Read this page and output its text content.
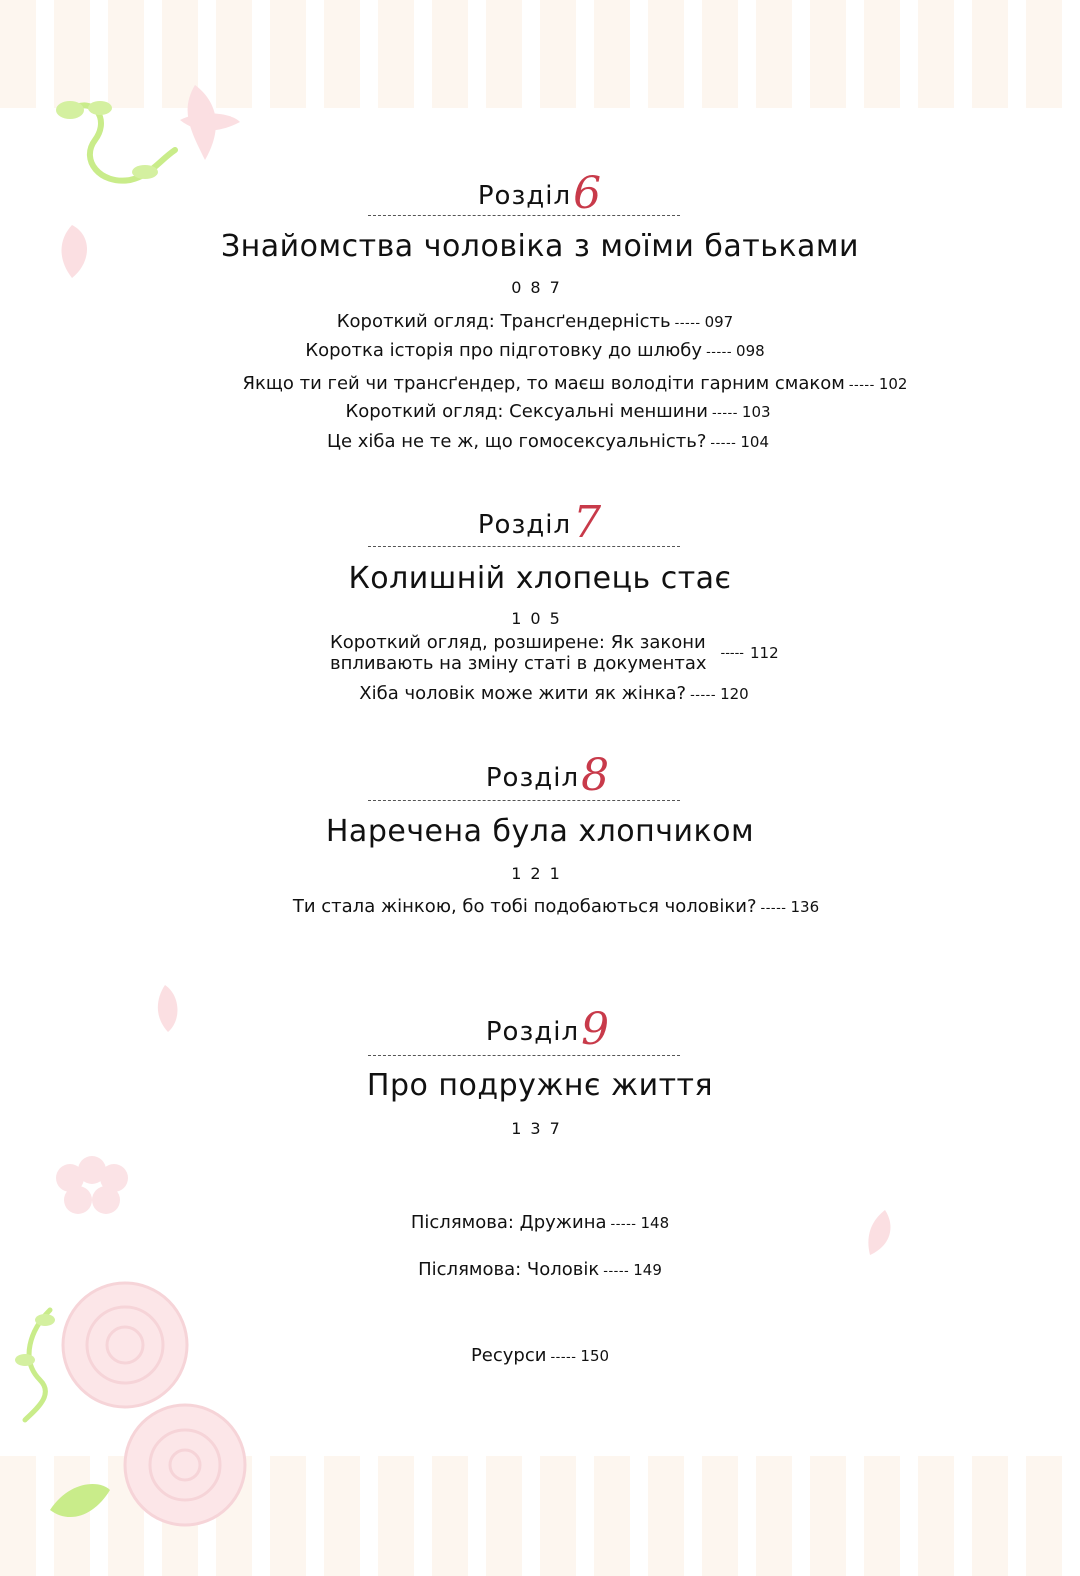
Розділ6
Знайомства чоловіка з моїми батьками
087
Короткий огляд: Трансґендерність ----- 097
Коротка історія про підготовку до шлюбу ----- 098
Якщо ти гей чи трансґендер, то маєш володіти гарним смаком ----- 102
Короткий огляд: Сексуальні меншини ----- 103
Це хіба не те ж, що гомосексуальність? ----- 104
Розділ7
Колишній хлопець стає
105
Короткий огляд, розширене: Як закони
впливають на зміну статі в документах ----- 112
Хіба чоловік може жити як жінка? ----- 120
Розділ8
Наречена була хлопчиком
121
Ти стала жінкою, бо тобі подобаються чоловіки? ----- 136
Розділ9
Про подружнє життя
137
Післямова: Дружина ----- 148
Післямова: Чоловік ----- 149
Ресурси ----- 150
